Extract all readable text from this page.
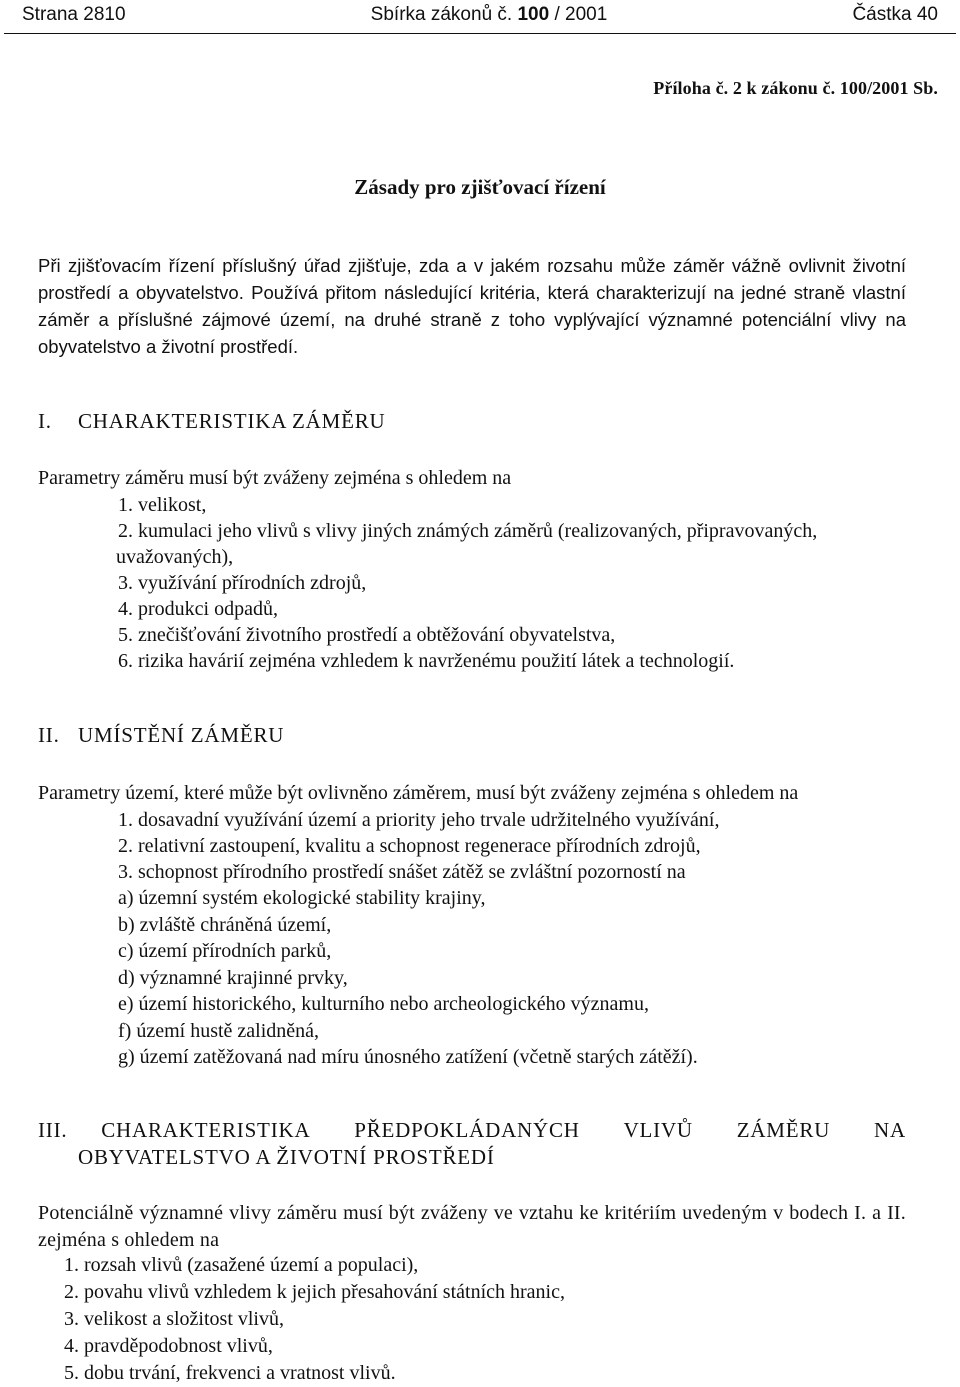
Strana 2810	Sbírka zákonů č. 100 / 2001	Částka 40
Příloha č. 2 k zákonu č. 100/2001 Sb.
Zásady pro zjišťovací řízení
Při zjišťovacím řízení příslušný úřad zjišťuje, zda a v jakém rozsahu může záměr vážně ovlivnit životní prostředí a obyvatelstvo. Používá přitom následující kritéria, která charakterizují na jedné straně vlastní záměr a příslušné zájmové území, na druhé straně z toho vyplývající významné potenciální vlivy na obyvatelstvo a životní prostředí.
I. CHARAKTERISTIKA ZÁMĚRU
Parametry záměru musí být zváženy zejména s ohledem na
1. velikost,
2. kumulaci jeho vlivů s vlivy jiných známých záměrů (realizovaných, připravovaných,
uvažovaných),
3. využívání přírodních zdrojů,
4. produkci odpadů,
5. znečišťování životního prostředí a obtěžování obyvatelstva,
6. rizika havárií zejména vzhledem k navrženému použití látek a technologií.
II. UMÍSTĚNÍ ZÁMĚRU
Parametry území, které může být ovlivněno záměrem, musí být zváženy zejména s ohledem na
1. dosavadní využívání území a priority jeho trvale udržitelného využívání,
2. relativní zastoupení, kvalitu a schopnost regenerace přírodních zdrojů,
3. schopnost přírodního prostředí snášet zátěž se zvláštní pozorností na
a) územní systém ekologické stability krajiny,
b) zvláště chráněná území,
c) území přírodních parků,
d) významné krajinné prvky,
e) území historického, kulturního nebo archeologického významu,
f) území hustě zalidněná,
g) území zatěžovaná nad míru únosného zatížení (včetně starých zátěží).
III. CHARAKTERISTIKA PŘEDPOKLÁDANÝCH VLIVŮ ZÁMĚRU NA
OBYVATELSTVO A ŽIVOTNÍ PROSTŘEDÍ
Potenciálně významné vlivy záměru musí být zváženy ve vztahu ke kritériím uvedeným v bodech I. a II. zejména s ohledem na
1. rozsah vlivů (zasažené území a populaci),
2. povahu vlivů vzhledem k jejich přesahování státních hranic,
3. velikost a složitost vlivů,
4. pravděpodobnost vlivů,
5. dobu trvání, frekvenci a vratnost vlivů.
